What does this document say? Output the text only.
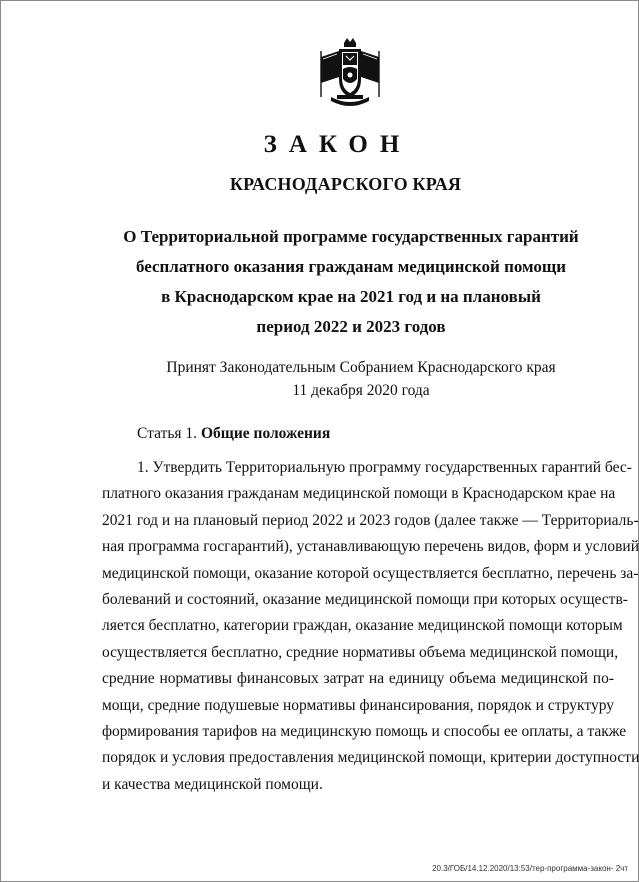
ЗАКОН
КРАСНОДАРСКОГО КРАЯ
О Территориальной программе государственных гарантий
бесплатного оказания гражданам медицинской помощи
в Краснодарском крае на 2021 год и на плановый
период 2022 и 2023 годов
Принят Законодательным Собранием Краснодарского края
11 декабря 2020 года
Статья 1. Общие положения
1. Утвердить Территориальную программу государственных гарантий бес-
платного оказания гражданам медицинской помощи в Краснодарском крае на
2021 год и на плановый период 2022 и 2023 годов (далее также — Территориаль-
ная программа госгарантий), устанавливающую перечень видов, форм и условий
медицинской помощи, оказание которой осуществляется бесплатно, перечень за-
болеваний и состояний, оказание медицинской помощи при которых осуществ-
ляется бесплатно, категории граждан, оказание медицинской помощи которым
осуществляется бесплатно, средние нормативы объема медицинской помощи,
средние нормативы финансовых затрат на единицу объема медицинской по-
мощи, средние подушевые нормативы финансирования, порядок и структуру
формирования тарифов на медицинскую помощь и способы ее оплаты, а также
порядок и условия предоставления медицинской помощи, критерии доступности
и качества медицинской помощи.
20.3/ГОБ/14.12.2020/13:53/тер-программа-закон- 2чт
